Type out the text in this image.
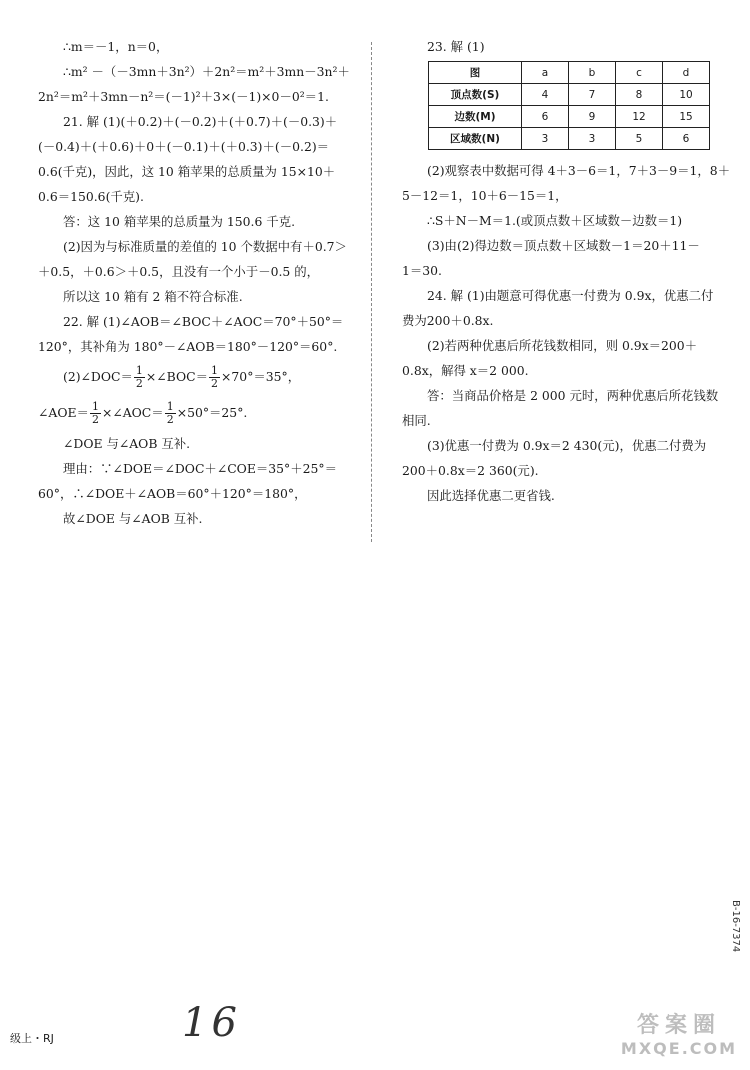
∴m＝－1，n＝0，
∴m² －（－3mn＋3n²）＋2n²＝m²＋3mn－3n²＋
2n²＝m²＋3mn－n²＝(－1)²＋3×(－1)×0－0²＝1.
21. 解 (1)(＋0.2)＋(－0.2)＋(＋0.7)＋(－0.3)＋
(－0.4)＋(＋0.6)＋0＋(－0.1)＋(＋0.3)＋(－0.2)＝
0.6(千克)，因此，这 10 箱苹果的总质量为 15×10＋
0.6＝150.6(千克).
答：这 10 箱苹果的总质量为 150.6 千克.
(2)因为与标准质量的差值的 10 个数据中有＋0.7＞
＋0.5，＋0.6＞＋0.5，且没有一个小于－0.5 的，
所以这 10 箱有 2 箱不符合标准.
22. 解 (1)∠AOB＝∠BOC＋∠AOC＝70°＋50°＝
120°，其补角为 180°－∠AOB＝180°－120°＝60°.
(2)∠DOC＝ $\frac{1}{2}$ ×∠BOC＝ $\frac{1}{2} \times 70^\circ=35^\circ$，
∠AOE＝ $\frac{1}{2}$ ×∠AOC＝ $\frac{1}{2} \times 50^\circ=25^\circ$.
∠DOE 与∠AOB 互补.
理由：∵∠DOE＝∠DOC＋∠COE＝35°＋25°＝
60°，∴∠DOE＋∠AOB＝60°＋120°＝180°，
故∠DOE 与∠AOB 互补.
23. 解 (1)
图	a	b	c	d
顶点数(S)	4	7	8	10
边数(M)	6	9	12	15
区域数(N)	3	3	5	6
(2)观察表中数据可得 4＋3－6＝1，7＋3－9＝1，8＋
5－12＝1，10＋6－15＝1，
∴S＋N－M＝1.(或顶点数＋区域数－边数＝1)
(3)由(2)得边数＝顶点数＋区域数－1＝20＋11－
1＝30.
24. 解 (1)由题意可得优惠一付费为 0.9x，优惠二付
费为200＋0.8x.
(2)若两种优惠后所花钱数相同，则 0.9x＝200＋
0.8x，解得 x＝2 000.
答：当商品价格是 2 000 元时，两种优惠后所花钱数
相同.
(3)优惠一付费为 0.9x＝2 430(元)，优惠二付费为
200＋0.8x＝2 360(元).
因此选择优惠二更省钱.
B-16-7374
级上・RJ	16	答案圈
MXQE.COM
